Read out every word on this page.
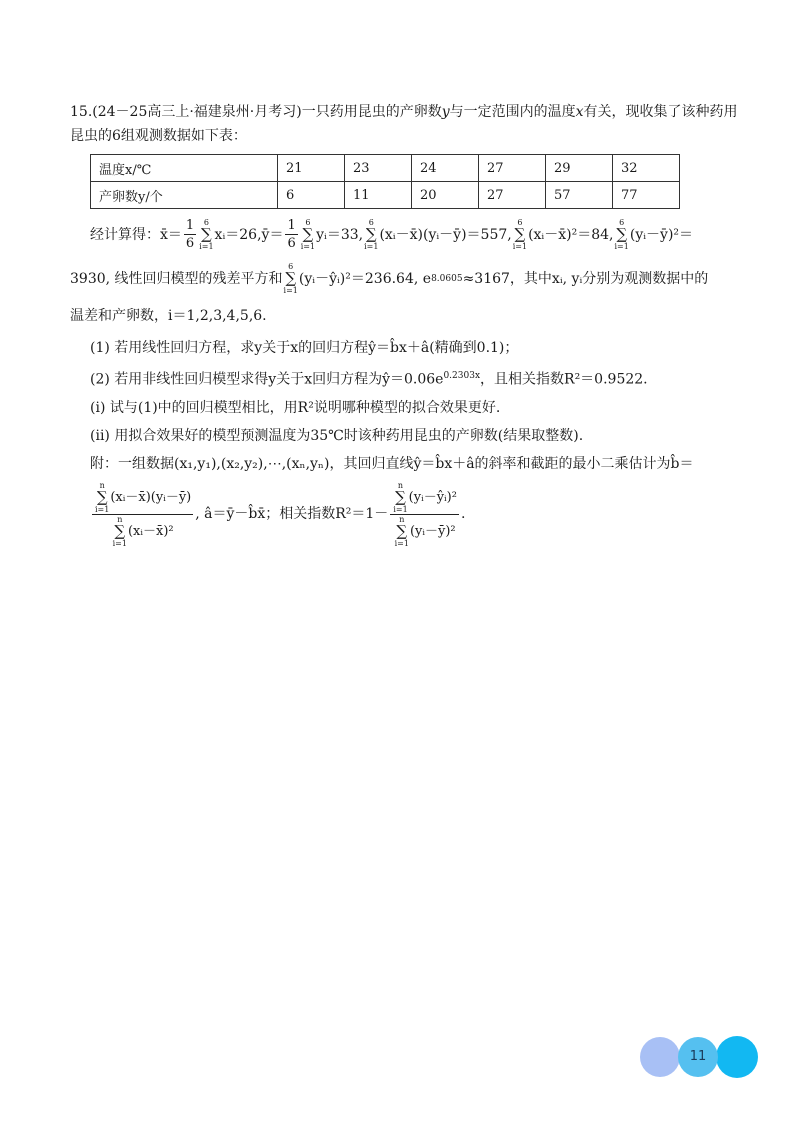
15.(24－25高三上·福建泉州·月考习)一只药用昆虫的产卵数y与一定范围内的温度x有关，现收集了该种药用昆虫的6组观测数据如下表：
温度x/℃	21	23	24	27	29	32
产卵数y/个	6	11	20	27	57	77
经计算得： x̄＝ $\frac{1}{6} 6$
∑
i=1
xᵢ＝26, ȳ＝ $\frac{1}{6} 6$
∑
i=1
yᵢ＝33,
6
∑
i=1
(xᵢ－x̄)(yᵢ－ȳ)＝557,
6
∑
i=1
(xᵢ－x̄)²＝84,
6
∑
i=1
(yᵢ－ȳ)²＝
3930, 线性回归模型的残差平方和
6
∑
i=1
(yᵢ－ŷᵢ)²＝236.64, e 8.0605 ≈3167，其中xᵢ, yᵢ分别为观测数据中的
温差和产卵数，i＝1,2,3,4,5,6.
(1) 若用线性回归方程，求y关于x的回归方程ŷ＝b̂x＋â(精确到0.1)；
(2) 若用非线性回归模型求得y关于x回归方程为$ŷ=0.06e^{0.2303x}$，且相关指数R²＝0.9522.
(i) 试与(1)中的回归模型相比，用R²说明哪种模型的拟合效果更好.
(ii) 用拟合效果好的模型预测温度为35℃时该种药用昆虫的产卵数(结果取整数).
附：一组数据(x₁,y₁),(x₂,y₂),⋯,(xₙ,yₙ)，其回归直线ŷ＝b̂x＋â的斜率和截距的最小二乘估计为b̂＝
n
∑
i=1
(xᵢ－x̄)(yᵢ－ȳ)
n
∑
i=1
(xᵢ－x̄)² , â＝ȳ－b̂x̄；相关指数R²＝1－ n
∑
i=1
(yᵢ－ŷᵢ)²
n
∑
i=1
(yᵢ－ȳ)² .
11
